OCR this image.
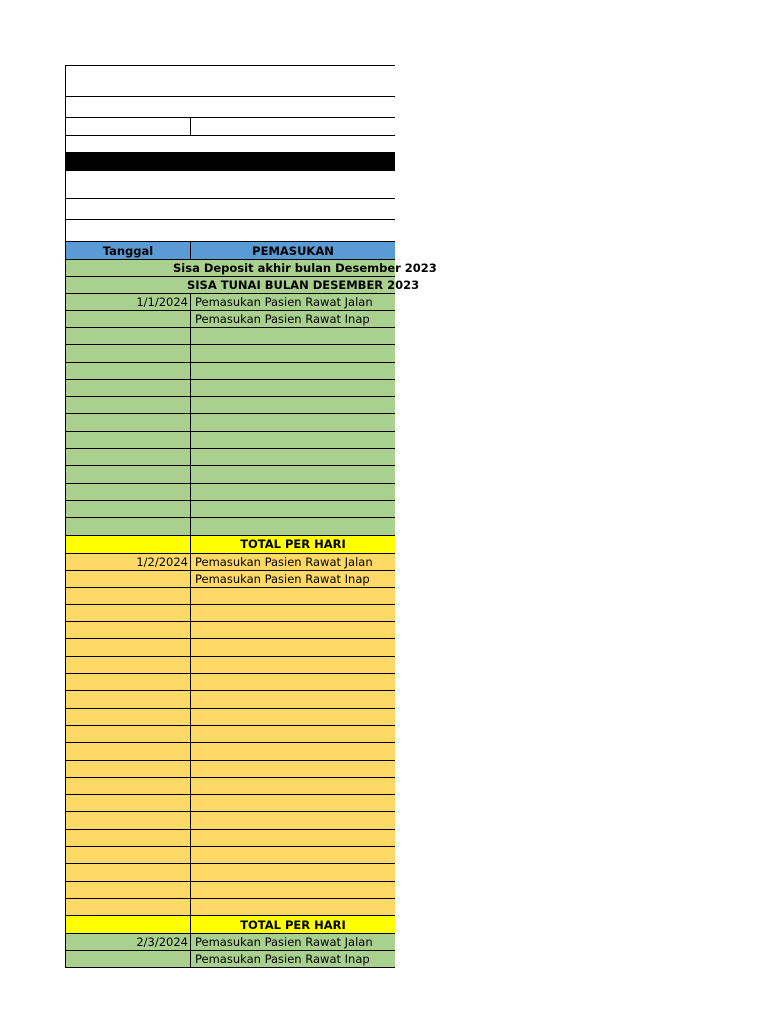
Tanggal	PEMASUKAN
Sisa Deposit akhir bulan Desember 2023
SISA TUNAI BULAN DESEMBER 2023
1/1/2024 Pemasukan Pasien Rawat Jalan
Pemasukan Pasien Rawat Inap
TOTAL PER HARI
1/2/2024 Pemasukan Pasien Rawat Jalan
Pemasukan Pasien Rawat Inap
TOTAL PER HARI
2/3/2024 Pemasukan Pasien Rawat Jalan
Pemasukan Pasien Rawat Inap
